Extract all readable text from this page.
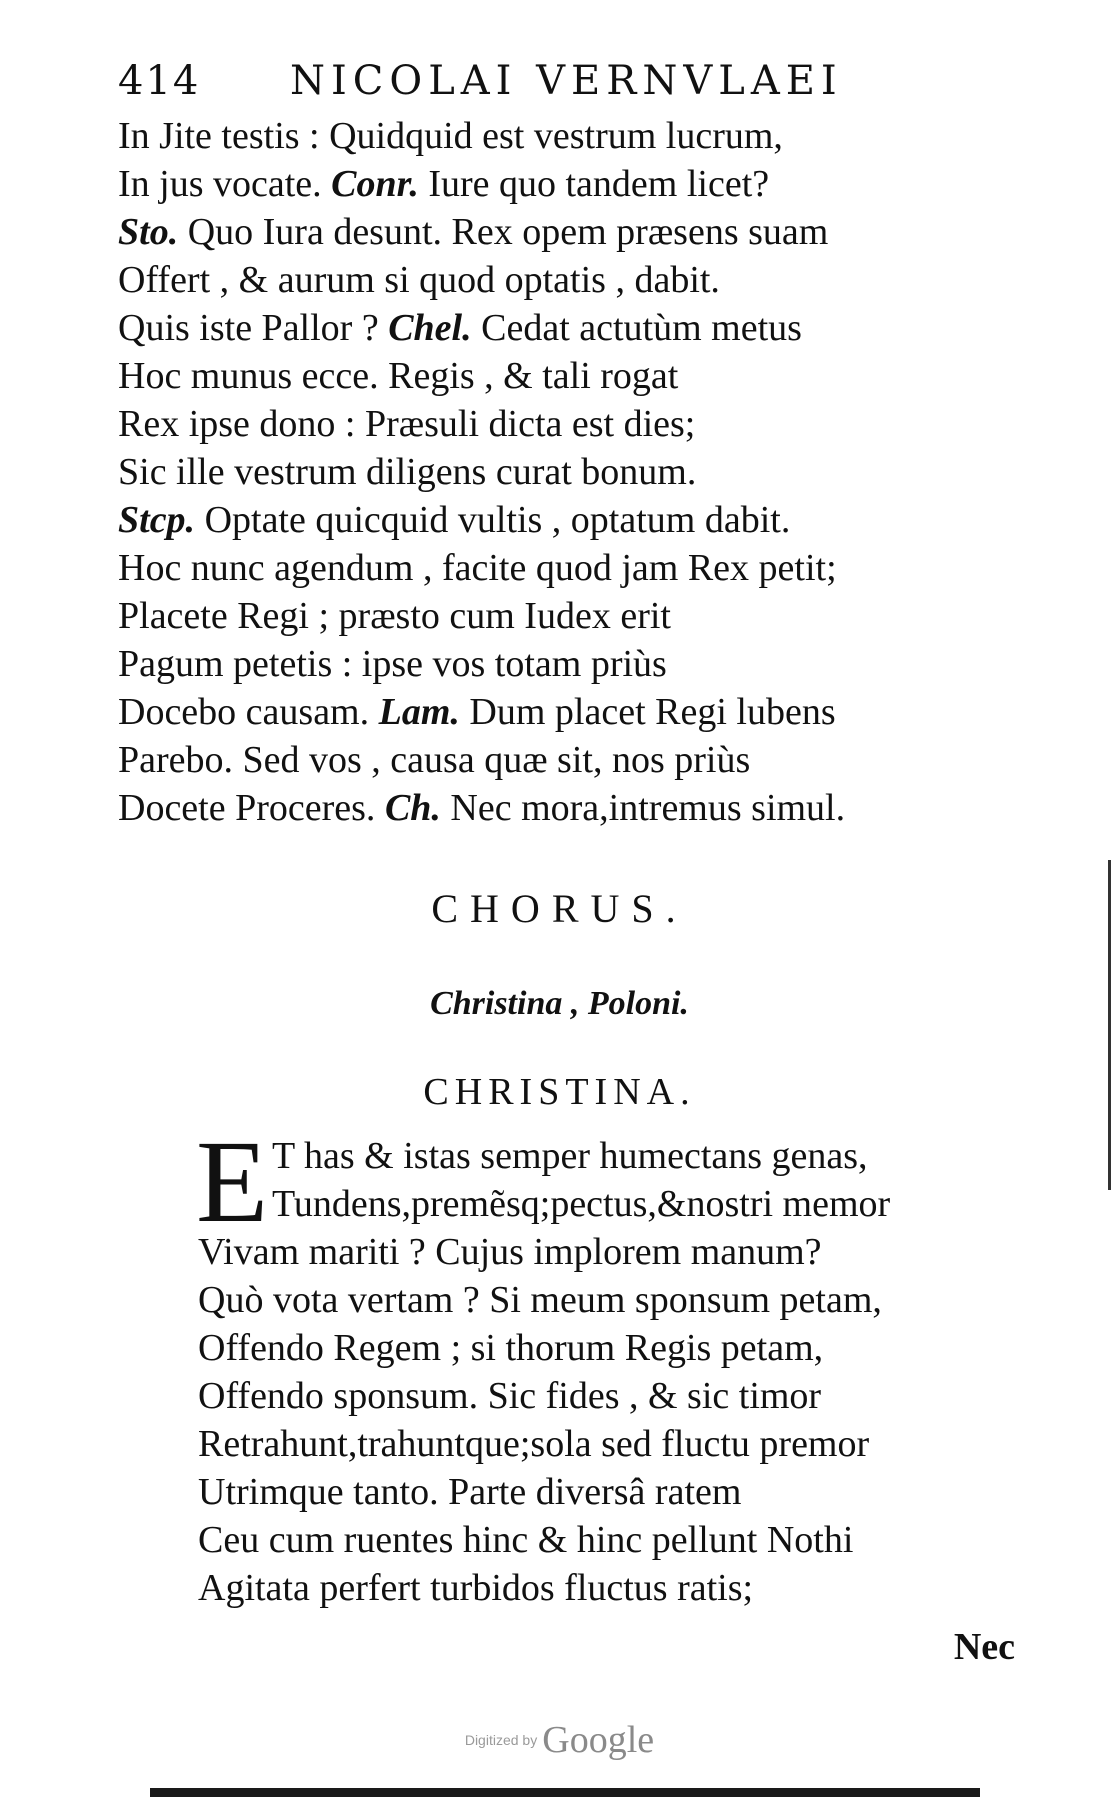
414 NICOLAI VERNVLAEI
In Jite testis : Quidquid est vestrum lucrum,
In jus vocate. Conr. Iure quo tandem licet?
Sto. Quo Iura desunt. Rex opem præsens suam
Offert , & aurum si quod optatis , dabit.
Quis iste Pallor ? Chel. Cedat actutùm metus
Hoc munus ecce. Regis , & tali rogat
Rex ipse dono : Præsuli dicta est dies;
Sic ille vestrum diligens curat bonum.
Stcp. Optate quicquid vultis , optatum dabit.
Hoc nunc agendum , facite quod jam Rex petit;
Placete Regi ; præsto cum Iudex erit
Pagum petetis : ipse vos totam priùs
Docebo causam. Lam. Dum placet Regi lubens
Parebo. Sed vos , causa quæ sit, nos priùs
Docete Proceres. Ch. Nec mora,intremus simul.
CHORUS.
Christina , Poloni.
CHRISTINA.
E T has & istas semper humectans genas,
Tundens,premẽsq;pectus,&nostri memor
Vivam mariti ? Cujus implorem manum?
Quò vota vertam ? Si meum sponsum petam,
Offendo Regem ; si thorum Regis petam,
Offendo sponsum. Sic fides , & sic timor
Retrahunt,trahuntque;sola sed fluctu premor
Utrimque tanto. Parte diversâ ratem
Ceu cum ruentes hinc & hinc pellunt Nothi
Agitata perfert turbidos fluctus ratis;
Nec
Digitized by Google
